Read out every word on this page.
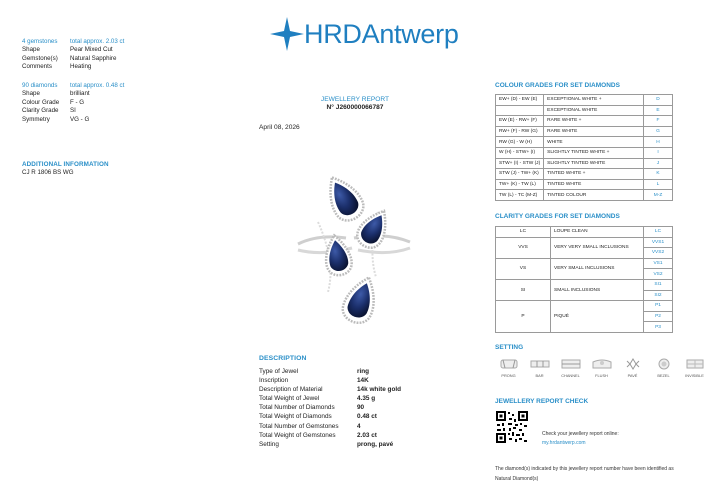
HRDAntwerp
4 gemstones	total approx. 2.03 ct
Shape	Pear Mixed Cut
Gemstone(s)	Natural Sapphire
Comments	Heating
90 diamonds	total approx. 0.48 ct
Shape	brilliant
Colour Grade	F - G
Clarity Grade	SI
Symmetry	VG - G
ADDITIONAL INFORMATION
CJ R 1806 BS WG
JEWELLERY REPORT
N° J260000066787
April 08, 2026
DESCRIPTION
Type of Jewel	ring
Inscription	14K
Description of Material	14k white gold
Total Weight of Jewel	4.35 g
Total Number of Diamonds	90
Total Weight of Diamonds	0.48 ct
Total Number of Gemstones	4
Total Weight of Gemstones	2.03 ct
Setting	prong, pavé
COLOUR GRADES FOR SET DIAMONDS
EW+ (D) - EW (E)	EXCEPTIONAL WHITE +	D
	EXCEPTIONAL WHITE	E
EW (E) - RW+ (F)	RARE WHITE +	F
RW+ (F) - RW (G)	RARE WHITE	G
RW (G) - W (H)	WHITE	H
W (H) - STW+ (I)	SLIGHTLY TINTED WHITE +	I
STW+ (I) - STW (J)	SLIGHTLY TINTED WHITE	J
STW (J) - TW+ (K)	TINTED WHITE +	K
TW+ (K) - TW (L)	TINTED WHITE	L
TW (L) - TC (M-Z)	TINTED COLOUR	M-Z
CLARITY GRADES FOR SET DIAMONDS
LC	LOUPE CLEAN	LC
VVS	VERY VERY SMALL INCLUSIONS	VVS1
		VVS2
VS	VERY SMALL INCLUSIONS	VS1
		VS2
SI	SMALL INCLUSIONS	SI1
		SI2
P	PIQUÉ	P1
		P2
		P3
SETTING
PRONG	BAR	CHANNEL	FLUSH	PAVÉ	BEZEL	INVISIBLE
JEWELLERY REPORT CHECK
Check your jewellery report online:
my.hrdantwerp.com
The diamond(s) indicated by this jewellery report number have been identified as Natural Diamond(s)
